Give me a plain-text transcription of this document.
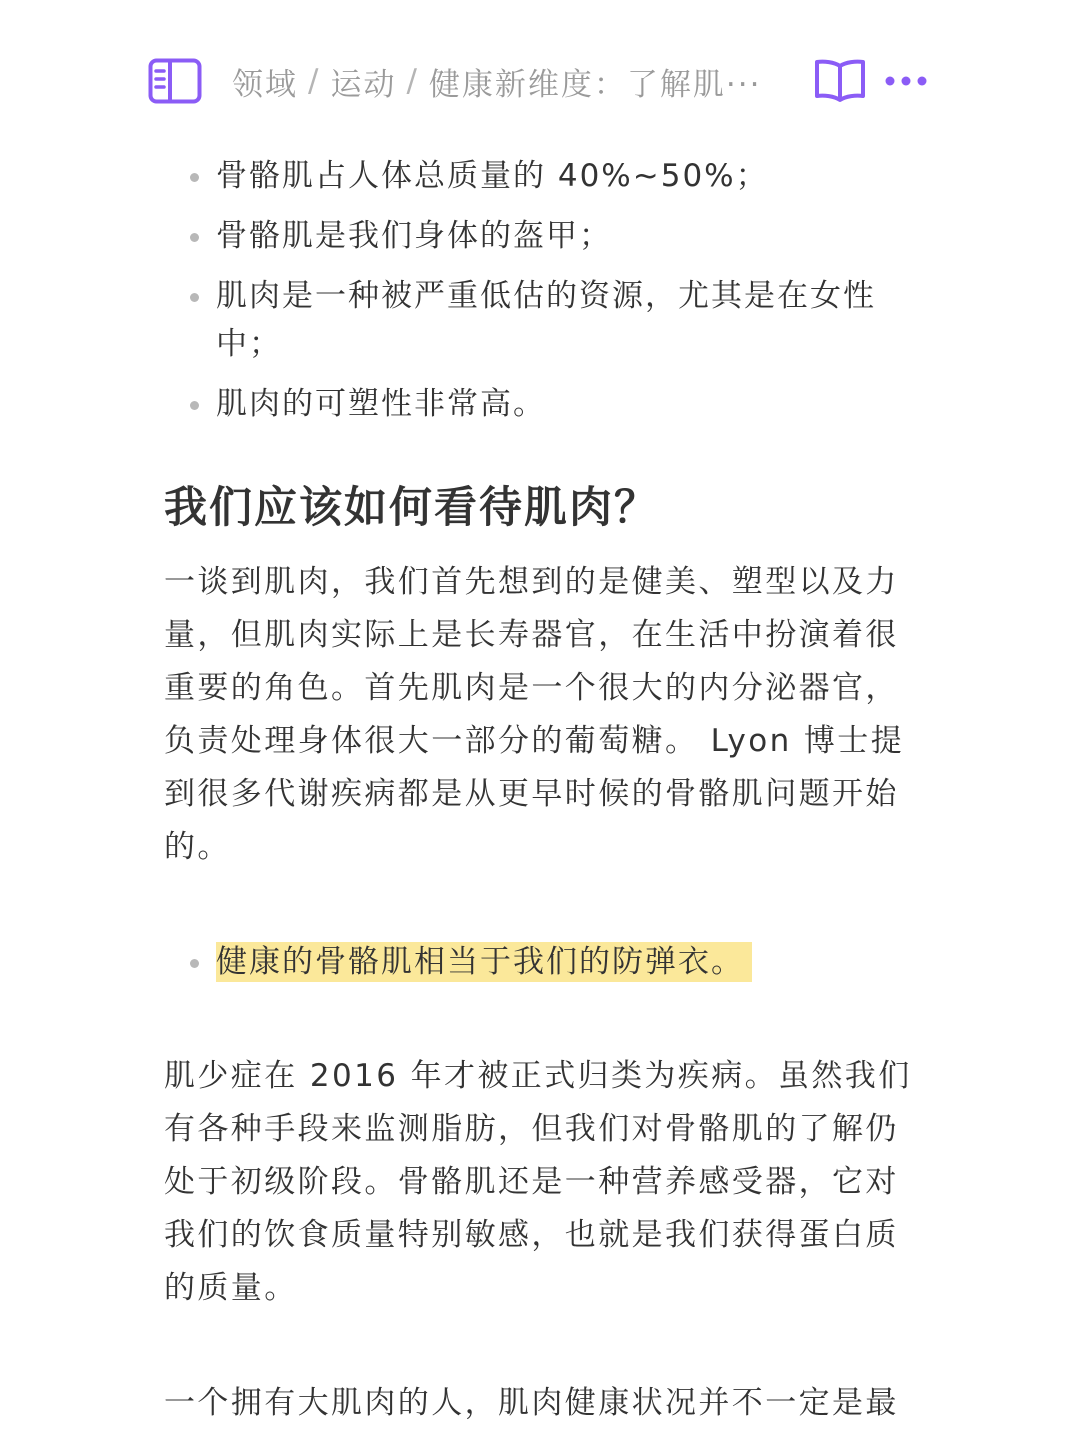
领域 / 运动 / 健康新维度：了解肌···
骨骼肌占人体总质量的 40%~50%；
骨骼肌是我们身体的盔甲；
肌肉是一种被严重低估的资源，尤其是在女性中；
肌肉的可塑性非常高。
我们应该如何看待肌肉？

一谈到肌肉，我们首先想到的是健美、塑型以及力量，但肌肉实际上是长寿器官，在生活中扮演着很重要的角色。首先肌肉是一个很大的内分泌器官，负责处理身体很大一部分的葡萄糖。 Lyon 博士提到很多代谢疾病都是从更早时候的骨骼肌问题开始的。

健康的骨骼肌相当于我们的防弹衣。

肌少症在 2016 年才被正式归类为疾病。虽然我们有各种手段来监测脂肪，但我们对骨骼肌的了解仍处于初级阶段。骨骼肌还是一种营养感受器，它对我们的饮食质量特别敏感，也就是我们获得蛋白质的质量。

一个拥有大肌肉的人，肌肉健康状况并不一定是最
